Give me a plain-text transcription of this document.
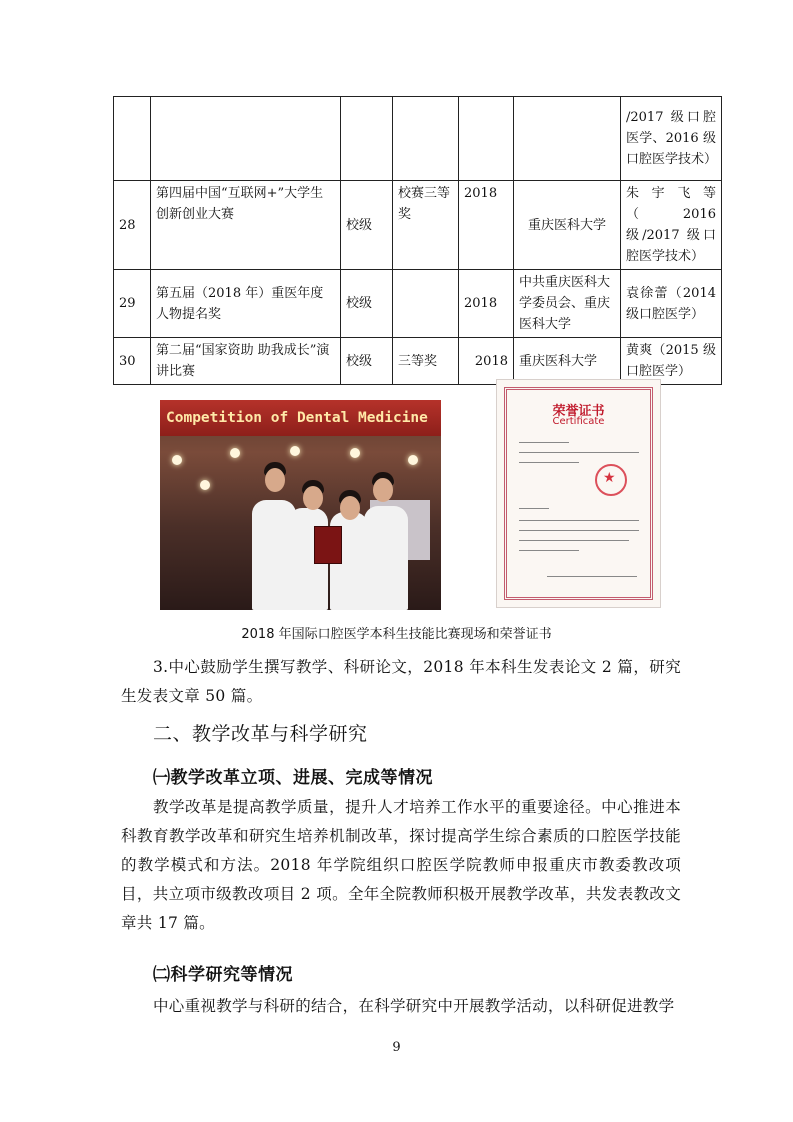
						/2017 级口腔医学、2016 级口腔医学技术）
28	第四届中国“互联网+”大学生创新创业大赛	校级	校赛三等奖	2018	重庆医科大学	朱宇飞等（2016 级/2017 级口腔医学技术）
29	第五届（2018 年）重医年度人物提名奖	校级		2018	中共重庆医科大学委员会、重庆医科大学	袁徐蕾（2014 级口腔医学）
30	第二届“国家资助 助我成长”演讲比赛	校级	三等奖	2018	重庆医科大学	黄爽（2015 级口腔医学）
Competition of Dental Medicine	荣誉证书
Certificate
★
2018 年国际口腔医学本科生技能比赛现场和荣誉证书
3.中心鼓励学生撰写教学、科研论文，2018 年本科生发表论文 2 篇，研究生发表文章 50 篇。
二、教学改革与科学研究
㈠教学改革立项、进展、完成等情况
教学改革是提高教学质量，提升人才培养工作水平的重要途径。中心推进本科教育教学改革和研究生培养机制改革，探讨提高学生综合素质的口腔医学技能的教学模式和方法。2018 年学院组织口腔医学院教师申报重庆市教委教改项目，共立项市级教改项目 2 项。全年全院教师积极开展教学改革，共发表教改文章共 17 篇。
㈡科学研究等情况
中心重视教学与科研的结合，在科学研究中开展教学活动，以科研促进教学
9
